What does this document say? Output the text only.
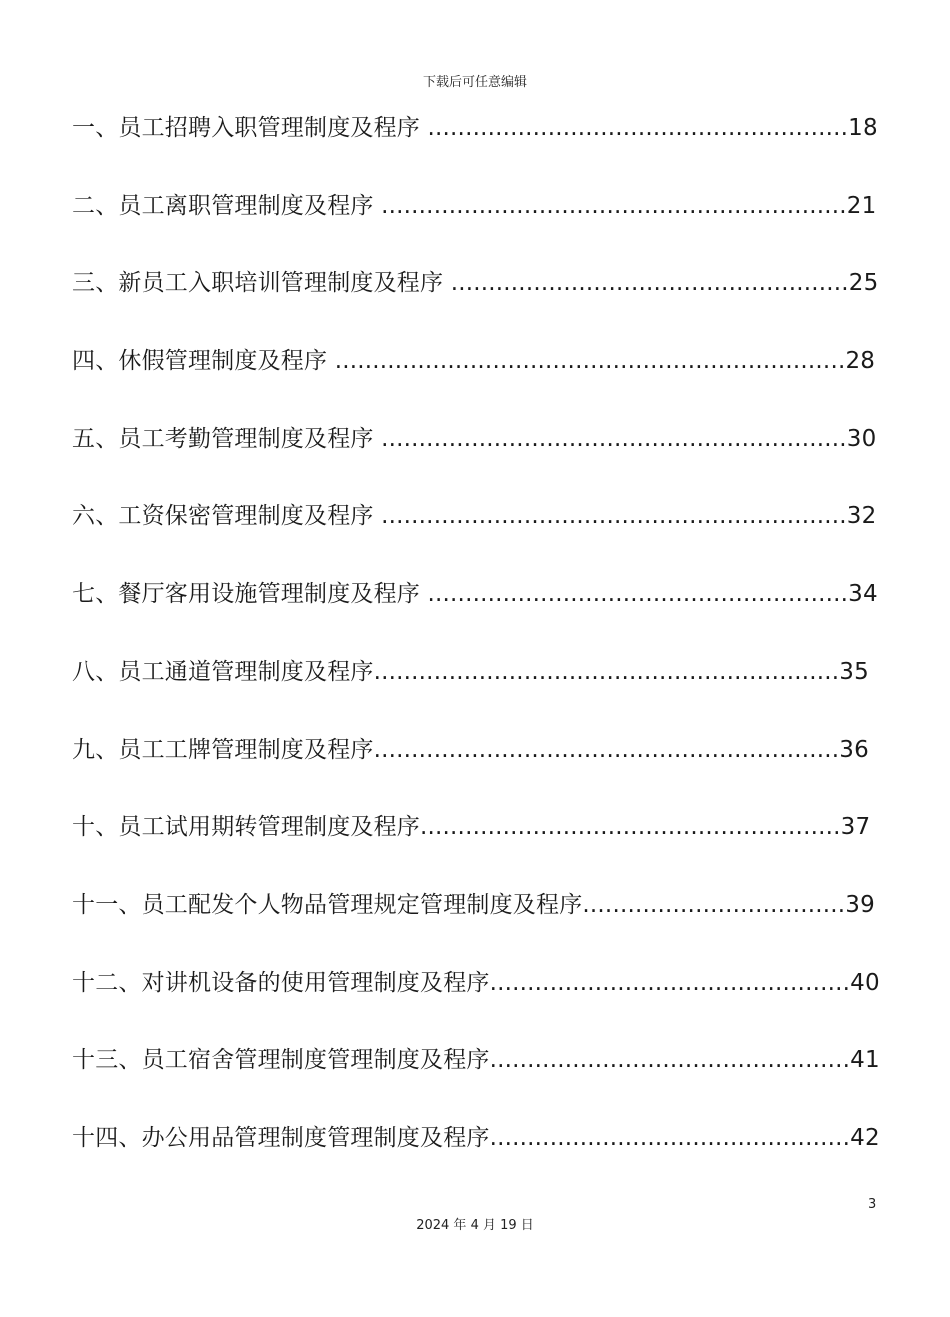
下载后可任意编辑
一、员工招聘入职管理制度及程序 ........................................................18
二、员工离职管理制度及程序 ..............................................................21
三、新员工入职培训管理制度及程序 .....................................................25
四、休假管理制度及程序 ....................................................................28
五、员工考勤管理制度及程序 ..............................................................30
六、工资保密管理制度及程序 ..............................................................32
七、餐厅客用设施管理制度及程序 ........................................................34
八、员工通道管理制度及程序..............................................................35
九、员工工牌管理制度及程序..............................................................36
十、员工试用期转管理制度及程序........................................................37
十一、员工配发个人物品管理规定管理制度及程序...................................39
十二、对讲机设备的使用管理制度及程序................................................40
十三、员工宿舍管理制度管理制度及程序................................................41
十四、办公用品管理制度管理制度及程序................................................42
3
2024 年 4 月 19 日
